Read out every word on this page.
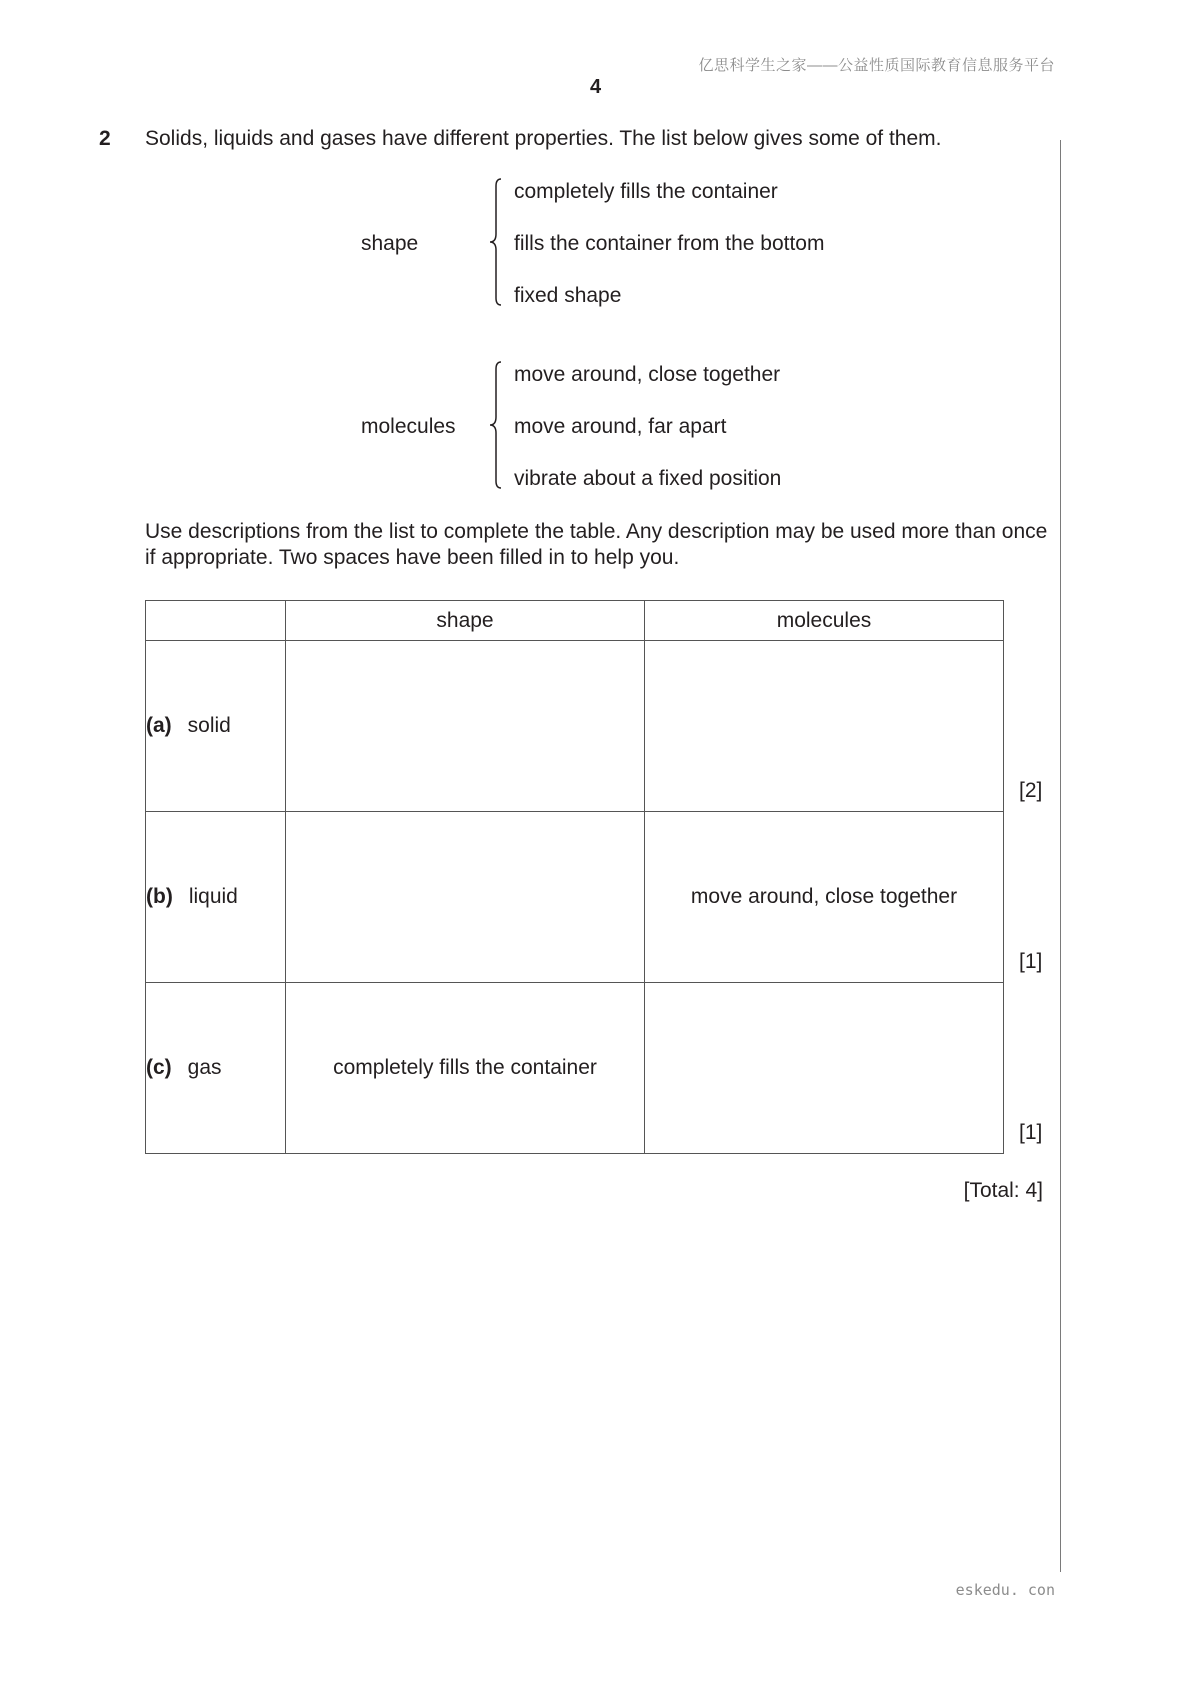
亿思科学生之家——公益性质国际教育信息服务平台
4
2 Solids, liquids and gases have different properties. The list below gives some of them.
shape
completely fills the container
fills the container from the bottom
fixed shape
molecules
move around, close together
move around, far apart
vibrate about a fixed position
Use descriptions from the list to complete the table. Any description may be used more than once if appropriate. Two spaces have been filled in to help you.
	shape	molecules
(a) solid		
(b) liquid		move around, close together
(c) gas	completely fills the container	
[2]
[1]
[1]
[Total: 4]
eskedu. con
